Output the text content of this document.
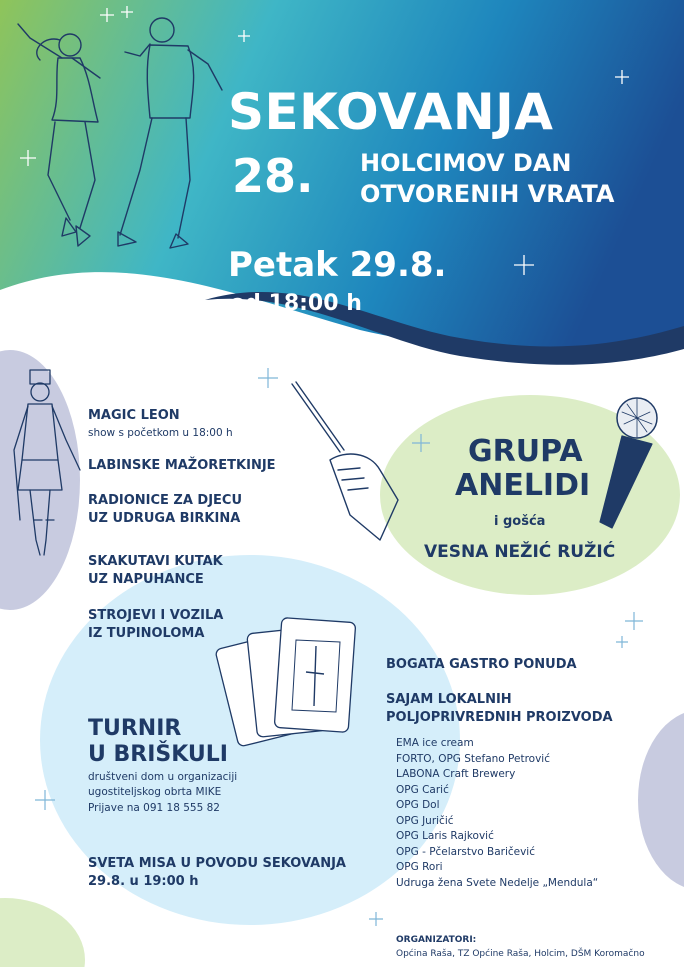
SEKOVANJA
28. HOLCIMOV DAN
OTVORENIH VRATA
Petak 29.8.
od 18:00 h
MAGIC LEON
show s početkom u 18:00 h
LABINSKE MAŽORETKINJE
RADIONICE ZA DJECU
UZ UDRUGA BIRKINA
SKAKUTAVI KUTAK
UZ NAPUHANCE
STROJEVI I VOZILA
IZ TUPINOLOMA
GRUPA
ANELIDI
i gošća
VESNA NEŽIĆ RUŽIĆ
TURNIR
U BRIŠKULI
društveni dom u organizaciji
ugostiteljskog obrta MIKE
Prijave na 091 18 555 82
SVETA MISA U POVODU SEKOVANJA
29.8. u 19:00 h
BOGATA GASTRO PONUDA
SAJAM LOKALNIH
POLJOPRIVREDNIH PROIZVODA
EMA ice cream
FORTO, OPG Stefano Petrović
LABONA Craft Brewery
OPG Carić
OPG Dol
OPG Juričić
OPG Laris Rajković
OPG - Pčelarstvo Baričević
OPG Rori
Udruga žena Svete Nedelje „Mendula“
ORGANIZATORI:
Općina Raša, TZ Općine Raša, Holcim, DŠM Koromačno
